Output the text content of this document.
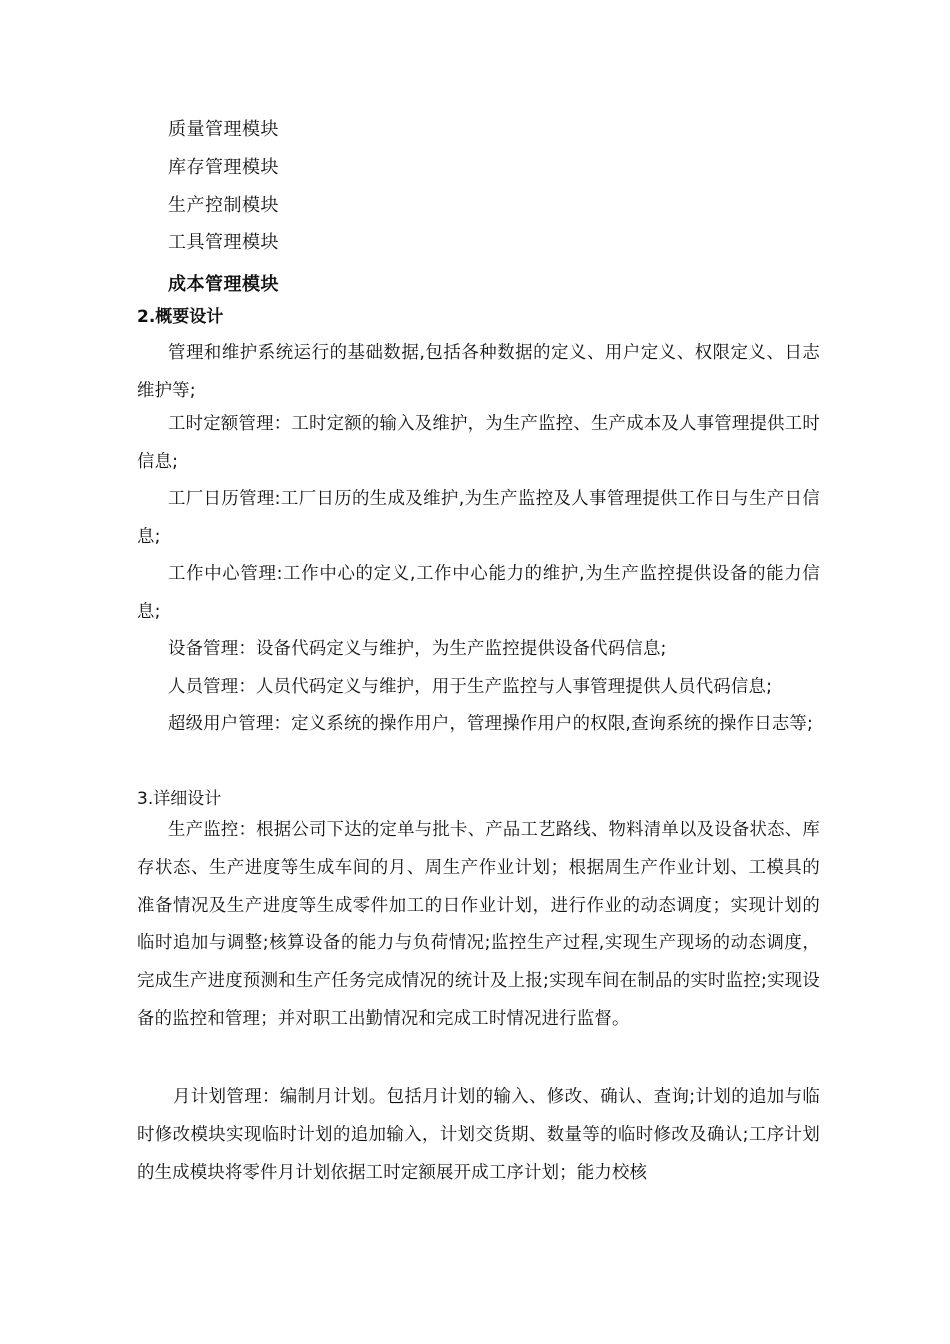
质量管理模块
库存管理模块
生产控制模块
工具管理模块
成本管理模块
2.概要设计
管理和维护系统运行的基础数据,包括各种数据的定义、用户定义、权限定义、日志维护等;
工时定额管理：工时定额的输入及维护，为生产监控、生产成本及人事管理提供工时信息;
工厂日历管理:工厂日历的生成及维护,为生产监控及人事管理提供工作日与生产日信息;
工作中心管理:工作中心的定义,工作中心能力的维护,为生产监控提供设备的能力信息;
设备管理：设备代码定义与维护，为生产监控提供设备代码信息;
人员管理：人员代码定义与维护，用于生产监控与人事管理提供人员代码信息;
超级用户管理：定义系统的操作用户，管理操作用户的权限,查询系统的操作日志等;
3.详细设计
生产监控：根据公司下达的定单与批卡、产品工艺路线、物料清单以及设备状态、库存状态、生产进度等生成车间的月、周生产作业计划；根据周生产作业计划、工模具的准备情况及生产进度等生成零件加工的日作业计划，进行作业的动态调度；实现计划的临时追加与调整;核算设备的能力与负荷情况;监控生产过程,实现生产现场的动态调度，完成生产进度预测和生产任务完成情况的统计及上报;实现车间在制品的实时监控;实现设备的监控和管理；并对职工出勤情况和完成工时情况进行监督。
月计划管理：编制月计划。包括月计划的输入、修改、确认、查询;计划的追加与临时修改模块实现临时计划的追加输入，计划交货期、数量等的临时修改及确认;工序计划的生成模块将零件月计划依据工时定额展开成工序计划；能力校核
